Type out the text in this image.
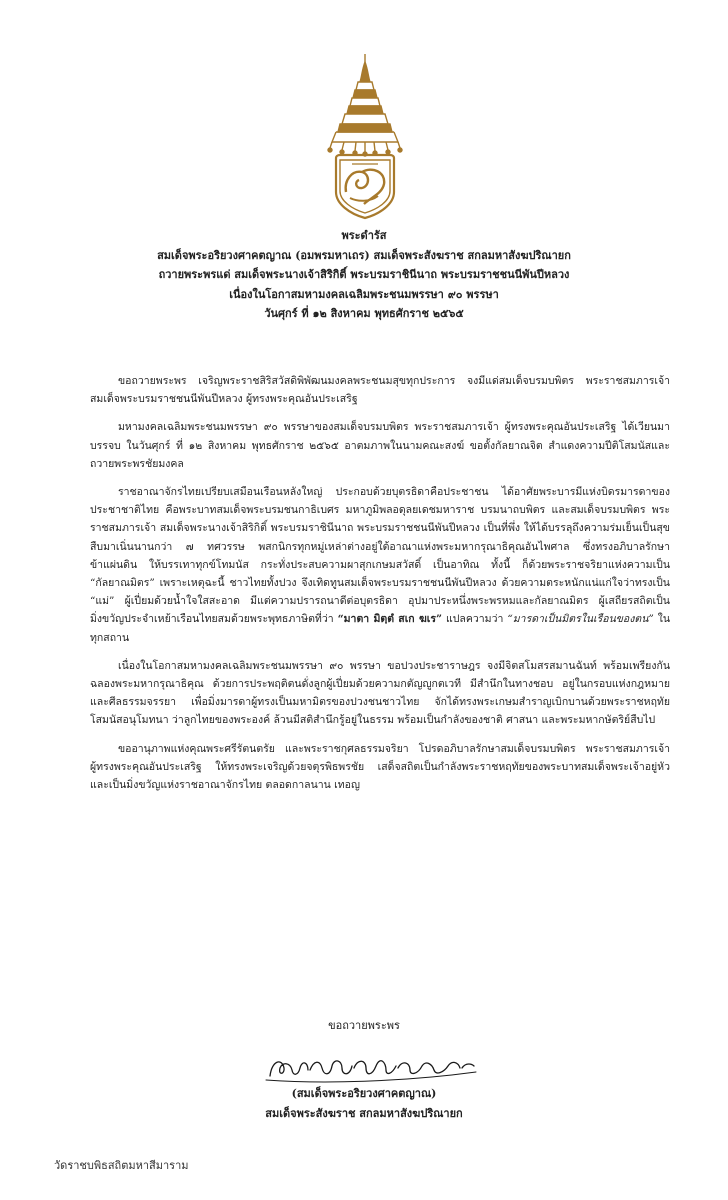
พระดำรัส
สมเด็จพระอริยวงศาคตญาณ (อมพรมหาเถร) สมเด็จพระสังฆราช สกลมหาสังฆปริณายก
ถวายพระพรแด่ สมเด็จพระนางเจ้าสิริกิติ์ พระบรมราชินีนาถ พระบรมราชชนนีพันปีหลวง
เนื่องในโอกาสมหามงคลเฉลิมพระชนมพรรษา ๙๐ พรรษา
วันศุกร์ ที่ ๑๒ สิงหาคม พุทธศักราช ๒๕๖๕

ขอถวายพระพร เจริญพระราชสิริสวัสดิพิพัฒนมงคลพระชนมสุขทุกประการ จงมีแด่สมเด็จบรมบพิตร พระราชสมภารเจ้า สมเด็จพระบรมราชชนนีพันปีหลวง ผู้ทรงพระคุณอันประเสริฐ

มหามงคลเฉลิมพระชนมพรรษา ๙๐ พรรษาของสมเด็จบรมบพิตร พระราชสมภารเจ้า ผู้ทรงพระคุณอันประเสริฐ ได้เวียนมาบรรจบ ในวันศุกร์ ที่ ๑๒ สิงหาคม พุทธศักราช ๒๕๖๕ อาตมภาพในนามคณะสงฆ์ ขอตั้งกัลยาณจิต สำแดงความปีติโสมนัสและถวายพระพรชัยมงคล

ราชอาณาจักรไทยเปรียบเสมือนเรือนหลังใหญ่ ประกอบด้วยบุตรธิดาคือประชาชน ได้อาศัยพระบารมีแห่งบิดรมารดาของประชาชาติไทย คือพระบาทสมเด็จพระบรมชนกาธิเบศร มหาภูมิพลอดุลยเดชมหาราช บรมนาถบพิตร และสมเด็จบรมบพิตร พระราชสมภารเจ้า สมเด็จพระนางเจ้าสิริกิติ์ พระบรมราชินีนาถ พระบรมราชชนนีพันปีหลวง เป็นที่พึ่ง ให้ได้บรรลุถึงความร่มเย็นเป็นสุขสืบมาเนิ่นนานกว่า ๗ ทศวรรษ พสกนิกรทุกหมู่เหล่าต่างอยู่ใต้อาณาแห่งพระมหากรุณาธิคุณอันไพศาล ซึ่งทรงอภิบาลรักษาข้าแผ่นดิน ให้บรรเทาทุกข์โทมนัส กระทั่งประสบความผาสุกเกษมสวัสดิ์ เป็นอาทิณ ทั้งนี้ ก็ด้วยพระราชจริยาแห่งความเป็น “กัลยาณมิตร” เพราะเหตุฉะนี้ ชาวไทยทั้งปวง จึงเทิดทูนสมเด็จพระบรมราชชนนีพันปีหลวง ด้วยความตระหนักแน่แก่ใจว่าทรงเป็น “แม่” ผู้เปี่ยมด้วยน้ำใจใสสะอาด มีแต่ความปรารถนาดีต่อบุตรธิดา อุปมาประหนึ่งพระพรหมและกัลยาณมิตร ผู้เสถียรสถิตเป็นมิ่งขวัญประจำเหย้าเรือนไทยสมด้วยพระพุทธภาษิตที่ว่า “มาตา มิตฺตํ สเก ฆเร” แปลความว่า “มารดาเป็นมิตรในเรือนของตน” ในทุกสถาน

เนื่องในโอกาสมหามงคลเฉลิมพระชนมพรรษา ๙๐ พรรษา ขอปวงประชาราษฎร จงมีจิตสโมสรสมานฉันท์ พร้อมเพรียงกันฉลองพระมหากรุณาธิคุณ ด้วยการประพฤติตนดั่งลูกผู้เปี่ยมด้วยความกตัญญูกตเวที มีสำนึกในทางชอบ อยู่ในกรอบแห่งกฎหมายและศีลธรรมจรรยา เพื่อมิ่งมารดาผู้ทรงเป็นมหามิตรของปวงชนชาวไทย จักได้ทรงพระเกษมสำราญเบิกบานด้วยพระราชหฤทัยโสมนัสอนุโมทนา ว่าลูกไทยของพระองค์ ล้วนมีสติสำนึกรู้อยู่ในธรรม พร้อมเป็นกำลังของชาติ ศาสนา และพระมหากษัตริย์สืบไป

ขออานุภาพแห่งคุณพระศรีรัตนตรัย และพระราชกุศลธรรมจริยา โปรดอภิบาลรักษาสมเด็จบรมบพิตร พระราชสมภารเจ้า ผู้ทรงพระคุณอันประเสริฐ ให้ทรงพระเจริญด้วยจตุรพิธพรชัย เสด็จสถิตเป็นกำลังพระราชหฤทัยของพระบาทสมเด็จพระเจ้าอยู่หัว และเป็นมิ่งขวัญแห่งราชอาณาจักรไทย ตลอดกาลนาน เทอญ

ขอถวายพระพร
(สมเด็จพระอริยวงศาคตญาณ)
สมเด็จพระสังฆราช สกลมหาสังฆปริณายก
วัดราชบพิธสถิตมหาสีมาราม
